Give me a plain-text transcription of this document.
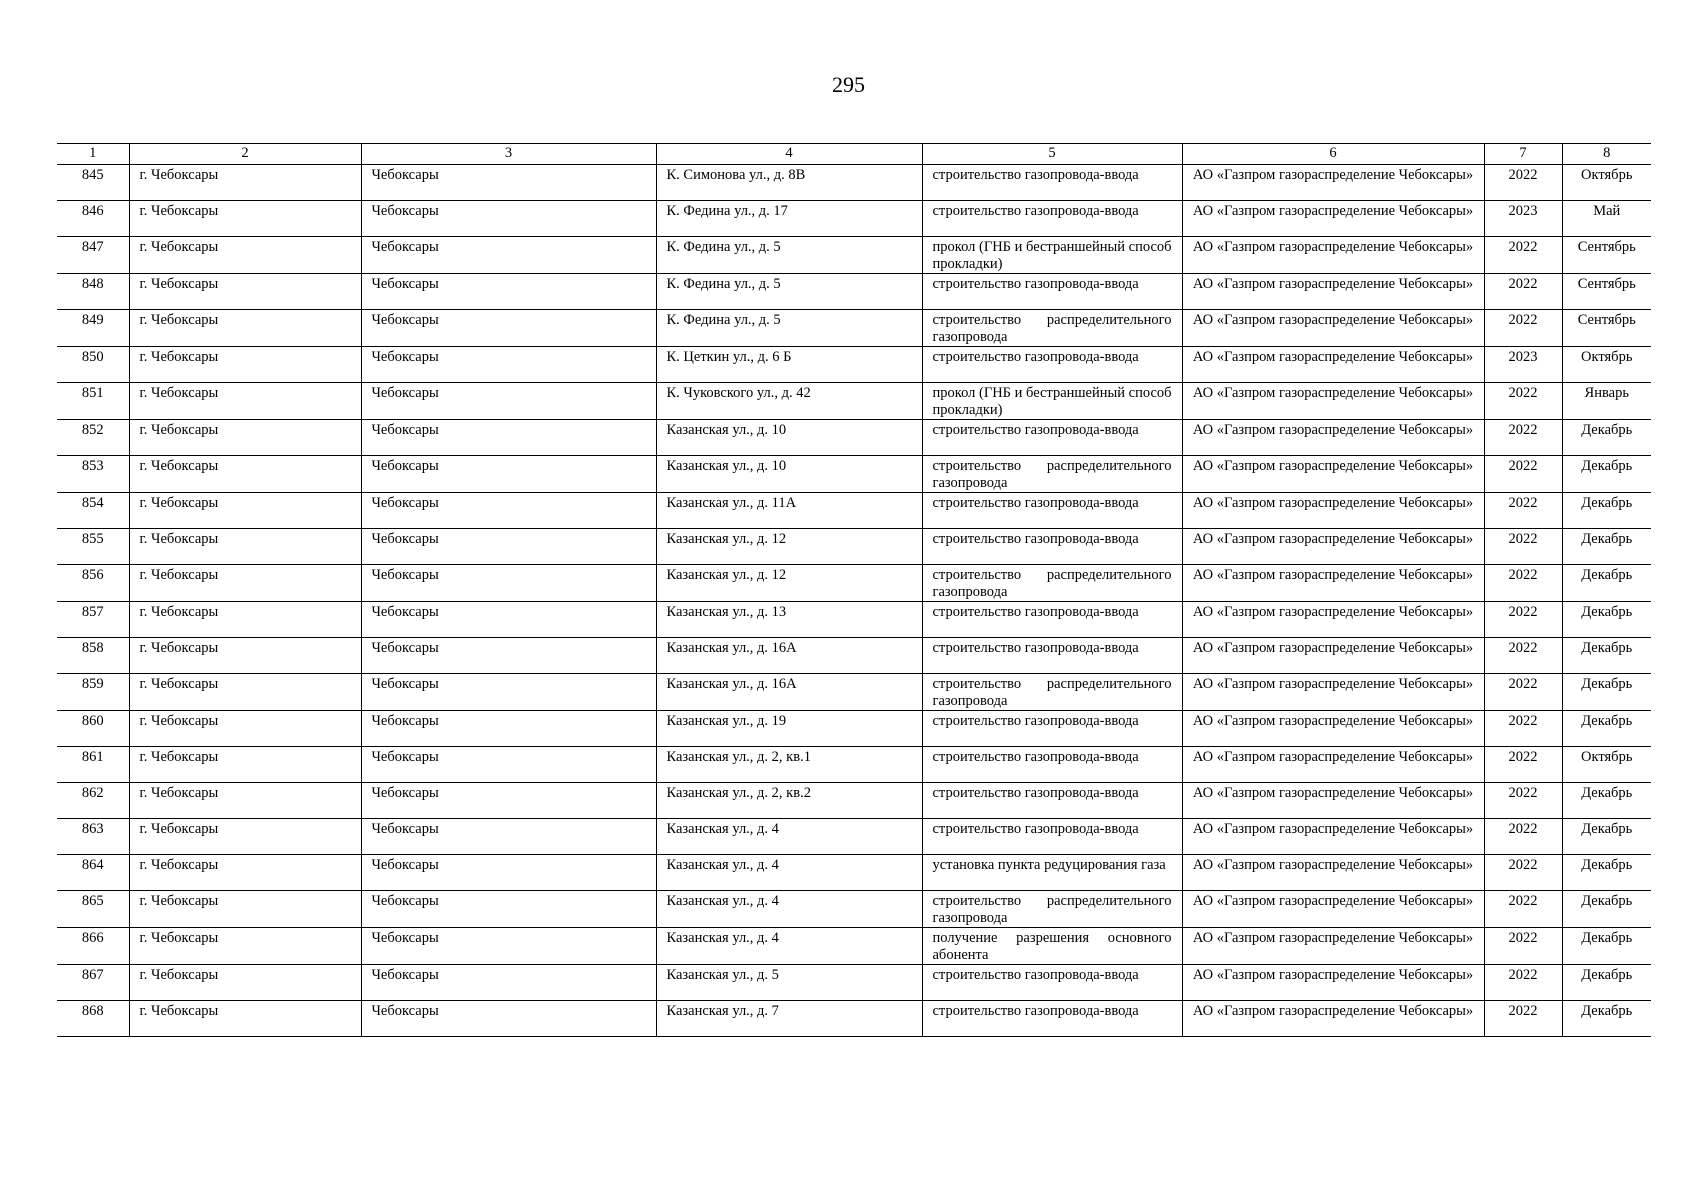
295
1	2	3	4	5	6	7	8
845	г. Чебоксары	Чебоксары	К. Симонова ул., д. 8В	строительство газопровода-ввода	АО «Газпром газораспределение Чебоксары»	2022	Октябрь
846	г. Чебоксары	Чебоксары	К. Федина ул., д. 17	строительство газопровода-ввода	АО «Газпром газораспределение Чебоксары»	2023	Май
847	г. Чебоксары	Чебоксары	К. Федина ул., д. 5	прокол (ГНБ и бестраншейный способ прокладки)	АО «Газпром газораспределение Чебоксары»	2022	Сентябрь
848	г. Чебоксары	Чебоксары	К. Федина ул., д. 5	строительство газопровода-ввода	АО «Газпром газораспределение Чебоксары»	2022	Сентябрь
849	г. Чебоксары	Чебоксары	К. Федина ул., д. 5	строительство распределительного газопровода	АО «Газпром газораспределение Чебоксары»	2022	Сентябрь
850	г. Чебоксары	Чебоксары	К. Цеткин ул., д. 6 Б	строительство газопровода-ввода	АО «Газпром газораспределение Чебоксары»	2023	Октябрь
851	г. Чебоксары	Чебоксары	К. Чуковского ул., д. 42	прокол (ГНБ и бестраншейный способ прокладки)	АО «Газпром газораспределение Чебоксары»	2022	Январь
852	г. Чебоксары	Чебоксары	Казанская ул., д. 10	строительство газопровода-ввода	АО «Газпром газораспределение Чебоксары»	2022	Декабрь
853	г. Чебоксары	Чебоксары	Казанская ул., д. 10	строительство распределительного газопровода	АО «Газпром газораспределение Чебоксары»	2022	Декабрь
854	г. Чебоксары	Чебоксары	Казанская ул., д. 11А	строительство газопровода-ввода	АО «Газпром газораспределение Чебоксары»	2022	Декабрь
855	г. Чебоксары	Чебоксары	Казанская ул., д. 12	строительство газопровода-ввода	АО «Газпром газораспределение Чебоксары»	2022	Декабрь
856	г. Чебоксары	Чебоксары	Казанская ул., д. 12	строительство распределительного газопровода	АО «Газпром газораспределение Чебоксары»	2022	Декабрь
857	г. Чебоксары	Чебоксары	Казанская ул., д. 13	строительство газопровода-ввода	АО «Газпром газораспределение Чебоксары»	2022	Декабрь
858	г. Чебоксары	Чебоксары	Казанская ул., д. 16А	строительство газопровода-ввода	АО «Газпром газораспределение Чебоксары»	2022	Декабрь
859	г. Чебоксары	Чебоксары	Казанская ул., д. 16А	строительство распределительного газопровода	АО «Газпром газораспределение Чебоксары»	2022	Декабрь
860	г. Чебоксары	Чебоксары	Казанская ул., д. 19	строительство газопровода-ввода	АО «Газпром газораспределение Чебоксары»	2022	Декабрь
861	г. Чебоксары	Чебоксары	Казанская ул., д. 2, кв.1	строительство газопровода-ввода	АО «Газпром газораспределение Чебоксары»	2022	Октябрь
862	г. Чебоксары	Чебоксары	Казанская ул., д. 2, кв.2	строительство газопровода-ввода	АО «Газпром газораспределение Чебоксары»	2022	Декабрь
863	г. Чебоксары	Чебоксары	Казанская ул., д. 4	строительство газопровода-ввода	АО «Газпром газораспределение Чебоксары»	2022	Декабрь
864	г. Чебоксары	Чебоксары	Казанская ул., д. 4	установка пункта редуцирования газа	АО «Газпром газораспределение Чебоксары»	2022	Декабрь
865	г. Чебоксары	Чебоксары	Казанская ул., д. 4	строительство распределительного газопровода	АО «Газпром газораспределение Чебоксары»	2022	Декабрь
866	г. Чебоксары	Чебоксары	Казанская ул., д. 4	получение разрешения основного абонента	АО «Газпром газораспределение Чебоксары»	2022	Декабрь
867	г. Чебоксары	Чебоксары	Казанская ул., д. 5	строительство газопровода-ввода	АО «Газпром газораспределение Чебоксары»	2022	Декабрь
868	г. Чебоксары	Чебоксары	Казанская ул., д. 7	строительство газопровода-ввода	АО «Газпром газораспределение Чебоксары»	2022	Декабрь
